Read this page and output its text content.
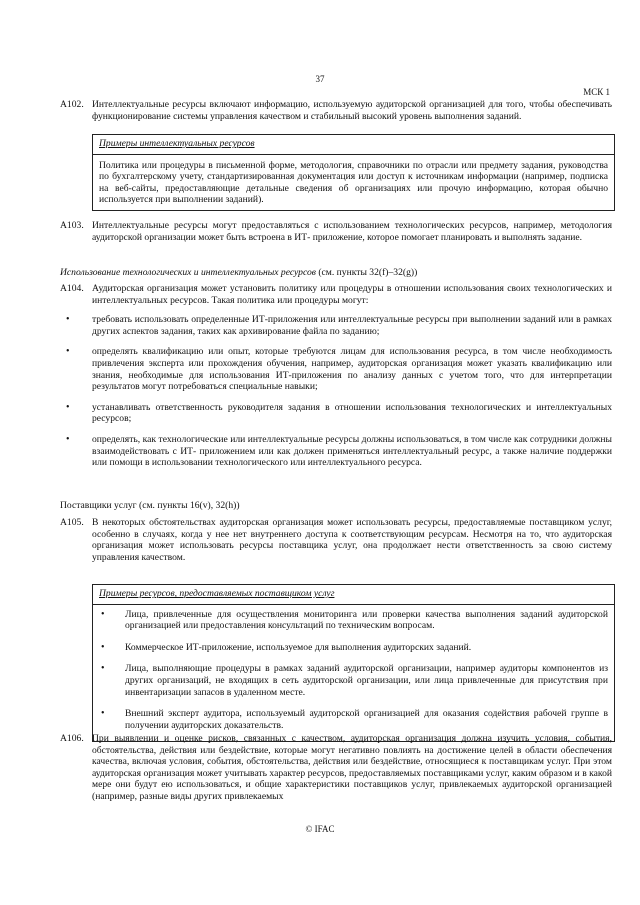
37
МСК 1
A102. Интеллектуальные ресурсы включают информацию, используемую аудиторской организацией для того, чтобы обеспечивать функционирование системы управления качеством и стабильный высокий уровень выполнения заданий.
Примеры интеллектуальных ресурсов
Политика или процедуры в письменной форме, методология, справочники по отрасли или предмету задания, руководства по бухгалтерскому учету, стандартизированная документация или доступ к источникам информации (например, подписка на веб-сайты, предоставляющие детальные сведения об организациях или прочую информацию, которая обычно используется при выполнении заданий).
A103. Интеллектуальные ресурсы могут предоставляться с использованием технологических ресурсов, например, методология аудиторской организации может быть встроена в ИТ- приложение, которое помогает планировать и выполнять задание.
Использование технологических и интеллектуальных ресурсов (см. пункты 32(f)–32(g))
A104. Аудиторская организация может установить политику или процедуры в отношении использования своих технологических и интеллектуальных ресурсов. Такая политика или процедуры могут:
• требовать использовать определенные ИТ-приложения или интеллектуальные ресурсы при выполнении заданий или в рамках других аспектов задания, таких как архивирование файла по заданию;
• определять квалификацию или опыт, которые требуются лицам для использования ресурса, в том числе необходимость привлечения эксперта или прохождения обучения, например, аудиторская организация может указать квалификацию или знания, необходимые для использования ИТ-приложения по анализу данных с учетом того, что для интерпретации результатов могут потребоваться специальные навыки;
• устанавливать ответственность руководителя задания в отношении использования технологических и интеллектуальных ресурсов;
• определять, как технологические или интеллектуальные ресурсы должны использоваться, в том числе как сотрудники должны взаимодействовать с ИТ- приложением или как должен применяться интеллектуальный ресурс, а также наличие поддержки или помощи в использовании технологического или интеллектуального ресурса.
Поставщики услуг (см. пункты 16(v), 32(h))
A105. В некоторых обстоятельствах аудиторская организация может использовать ресурсы, предоставляемые поставщиком услуг, особенно в случаях, когда у нее нет внутреннего доступа к соответствующим ресурсам. Несмотря на то, что аудиторская организация может использовать ресурсы поставщика услуг, она продолжает нести ответственность за свою систему управления качеством.
Примеры ресурсов, предоставляемых поставщиком услуг
• Лица, привлеченные для осуществления мониторинга или проверки качества выполнения заданий аудиторской организацией или предоставления консультаций по техническим вопросам.
• Коммерческое ИТ-приложение, используемое для выполнения аудиторских заданий.
• Лица, выполняющие процедуры в рамках заданий аудиторской организации, например аудиторы компонентов из других организаций, не входящих в сеть аудиторской организации, или лица привлеченные для присутствия при инвентаризации запасов в удаленном месте.
• Внешний эксперт аудитора, используемый аудиторской организацией для оказания содействия рабочей группе в получении аудиторских доказательств.
A106. При выявлении и оценке рисков, связанных с качеством, аудиторская организация должна изучить условия, события, обстоятельства, действия или бездействие, которые могут негативно повлиять на достижение целей в области обеспечения качества, включая условия, события, обстоятельства, действия или бездействие, относящиеся к поставщикам услуг. При этом аудиторская организация может учитывать характер ресурсов, предоставляемых поставщиками услуг, каким образом и в какой мере они будут ею использоваться, и общие характеристики поставщиков услуг, привлекаемых аудиторской организацией (например, разные виды других привлекаемых
© IFAC
